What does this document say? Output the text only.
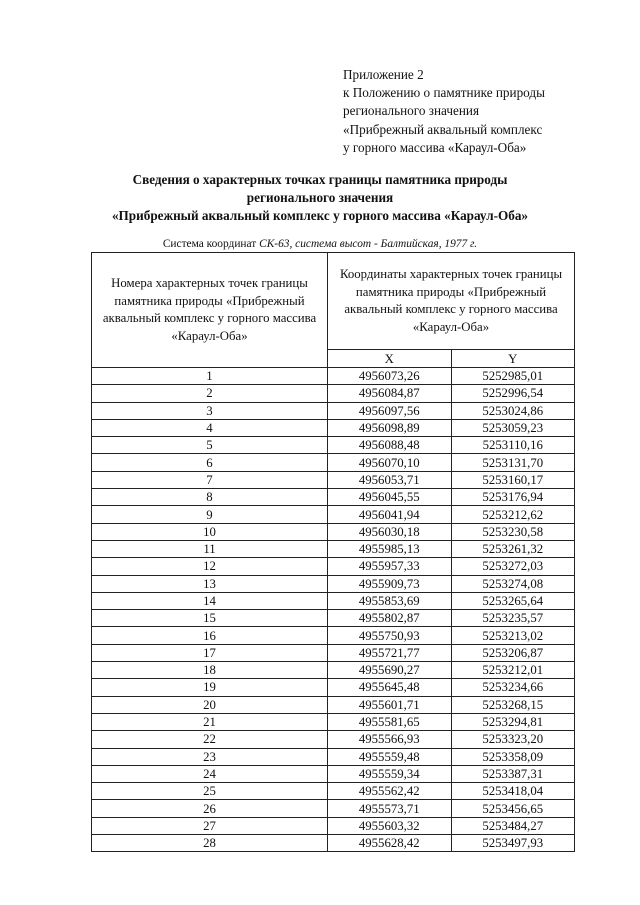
Приложение 2
к Положению о памятнике природы
регионального значения
«Прибрежный аквальный комплекс
у горного массива «Караул-Оба»
Сведения о характерных точках границы памятника природы
регионального значения
«Прибрежный аквальный комплекс у горного массива «Караул-Оба»
Система координат СК-63, система высот - Балтийская, 1977 г.
Номера характерных точек границы памятника природы «Прибрежный аквальный комплекс у горного массива «Караул-Оба»	Координаты характерных точек границы памятника природы «Прибрежный аквальный комплекс у горного массива «Караул-Оба»	
	X	Y
1	4956073,26	5252985,01
2	4956084,87	5252996,54
3	4956097,56	5253024,86
4	4956098,89	5253059,23
5	4956088,48	5253110,16
6	4956070,10	5253131,70
7	4956053,71	5253160,17
8	4956045,55	5253176,94
9	4956041,94	5253212,62
10	4956030,18	5253230,58
11	4955985,13	5253261,32
12	4955957,33	5253272,03
13	4955909,73	5253274,08
14	4955853,69	5253265,64
15	4955802,87	5253235,57
16	4955750,93	5253213,02
17	4955721,77	5253206,87
18	4955690,27	5253212,01
19	4955645,48	5253234,66
20	4955601,71	5253268,15
21	4955581,65	5253294,81
22	4955566,93	5253323,20
23	4955559,48	5253358,09
24	4955559,34	5253387,31
25	4955562,42	5253418,04
26	4955573,71	5253456,65
27	4955603,32	5253484,27
28	4955628,42	5253497,93
